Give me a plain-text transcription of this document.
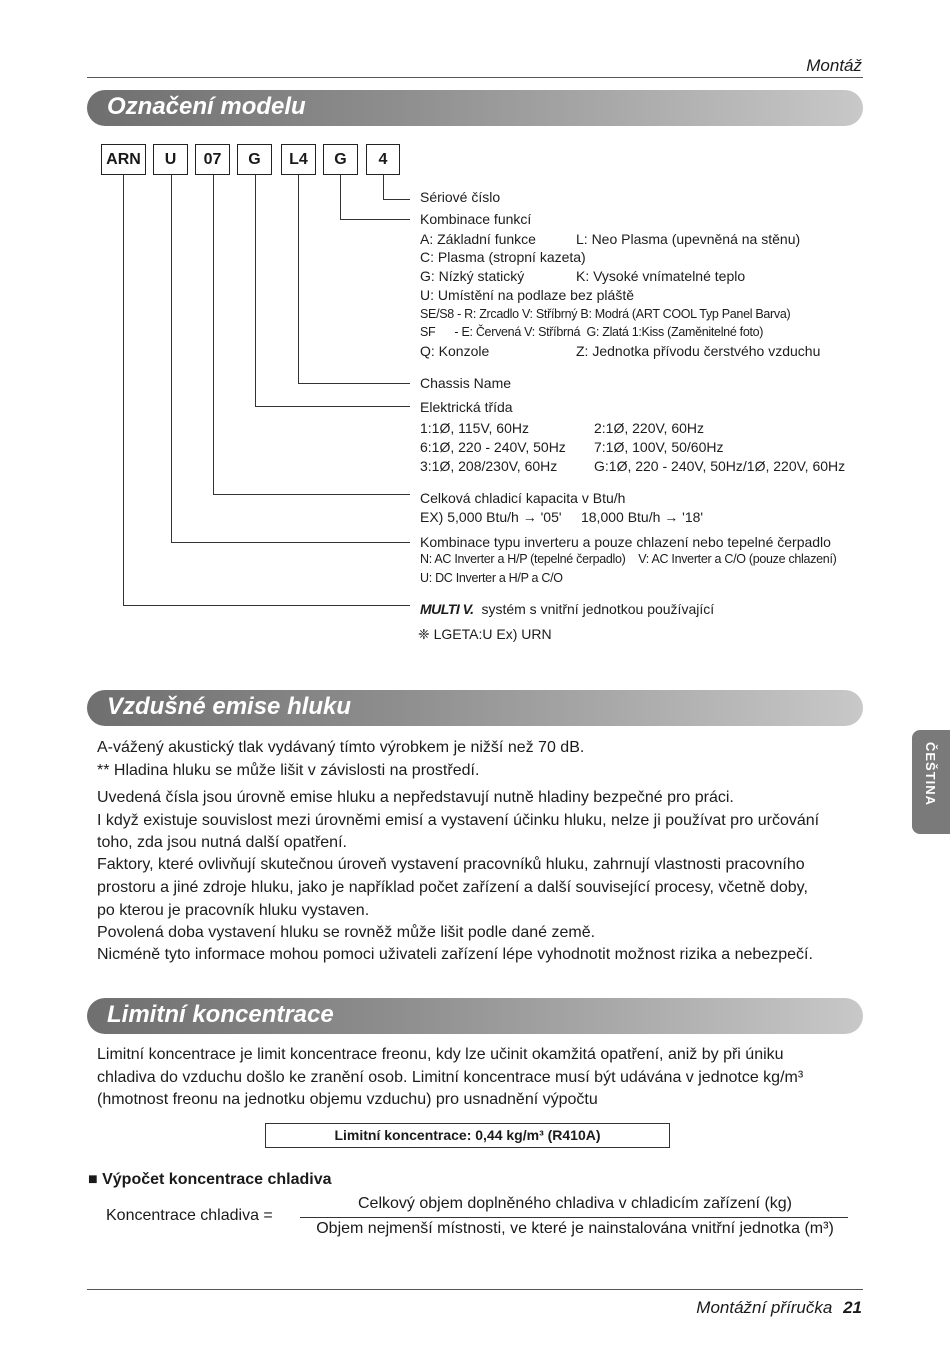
Montáž
Označení modelu
ARN	U	07	G	L4	G	4
Sériové číslo
Kombinace funkcí
A: Základní funkce	L: Neo Plasma (upevněná na stěnu)
C: Plasma (stropní kazeta)
G: Nízký statický	K: Vysoké vnímatelné teplo
U: Umístění na podlaze bez pláště
SE/S8 - R: Zrcadlo V: Stříbrný B: Modrá (ART COOL Typ Panel Barva)
SF      - E: Červená V: Stříbrná  G: Zlatá 1:Kiss (Zaměnitelné foto)
Q: Konzole	Z: Jednotka přívodu čerstvého vzduchu
Chassis Name
Elektrická třída
1:1Ø, 115V, 60Hz	2:1Ø, 220V, 60Hz
6:1Ø, 220 - 240V, 50Hz 7:1Ø, 100V, 50/60Hz
3:1Ø, 208/230V, 60Hz	G:1Ø, 220 - 240V, 50Hz/1Ø, 220V, 60Hz
Celková chladicí kapacita v Btu/h
EX) 5,000 Btu/h → '05'     18,000 Btu/h → '18'
Kombinace typu inverteru a pouze chlazení nebo tepelné čerpadlo
N: AC Inverter a H/P (tepelné čerpadlo)    V: AC Inverter a C/O (pouze chlazení)
U: DC Inverter a H/P a C/O
MULTI V. systém s vnitřní jednotkou používající
❈ LGETA:U Ex) URN
Vzdušné emise hluku
A-vážený akustický tlak vydávaný tímto výrobkem je nižší než 70 dB.
** Hladina hluku se může lišit v závislosti na prostředí.
Uvedená čísla jsou úrovně emise hluku a nepředstavují nutně hladiny bezpečné pro práci.
I když existuje souvislost mezi úrovněmi emisí a vystavení účinku hluku, nelze ji používat pro určování
toho, zda jsou nutná další opatření.
Faktory, které ovlivňují skutečnou úroveň vystavení pracovníků hluku, zahrnují vlastnosti pracovního
prostoru a jiné zdroje hluku, jako je například počet zařízení a další související procesy, včetně doby,
po kterou je pracovník hluku vystaven.
Povolená doba vystavení hluku se rovněž může lišit podle dané země.
Nicméně tyto informace mohou pomoci uživateli zařízení lépe vyhodnotit možnost rizika a nebezpečí.
ČEŠTINA
Limitní koncentrace
Limitní koncentrace je limit koncentrace freonu, kdy lze učinit okamžitá opatření, aniž by při úniku
chladiva do vzduchu došlo ke zranění osob. Limitní koncentrace musí být udávána v jednotce kg/m³
(hmotnost freonu na jednotku objemu vzduchu) pro usnadnění výpočtu
Limitní koncentrace: 0,44 kg/m³ (R410A)
■ Výpočet koncentrace chladiva
Koncentrace chladiva =
Celkový objem doplněného chladiva v chladicím zařízení (kg)
Objem nejmenší místnosti, ve které je nainstalována vnitřní jednotka (m³)
Montážní příručka 21
